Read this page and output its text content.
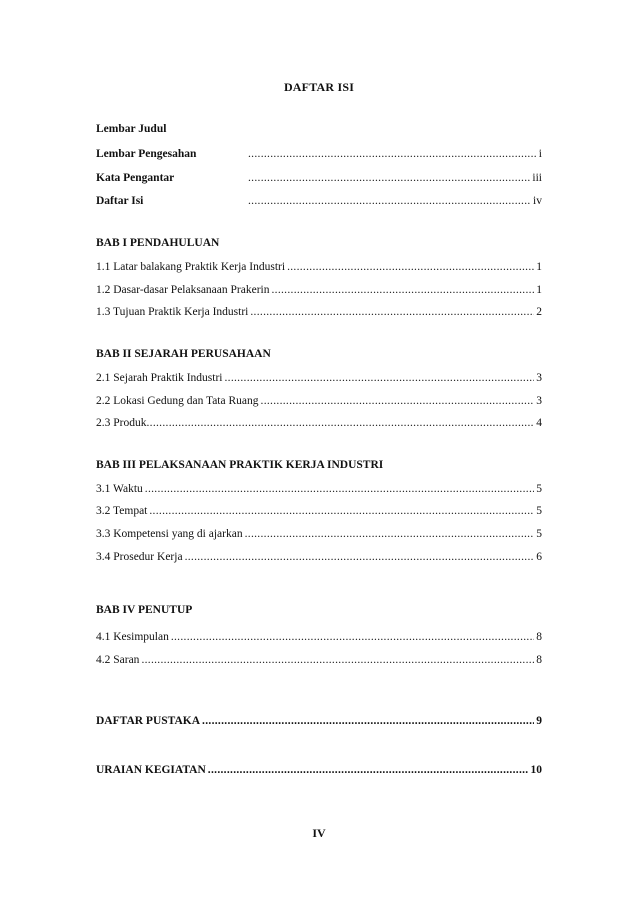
DAFTAR ISI
Lembar Judul
Lembar Pengesahan .....	i
Kata Pengantar .....	iii
Daftar Isi .....	iv
BAB I PENDAHULUAN
1.1 Latar balakang Praktik Kerja Industri .....	1
1.2 Dasar-dasar Pelaksanaan Prakerin .....	1
1.3 Tujuan Praktik Kerja Industri .....	2
BAB II SEJARAH PERUSAHAAN
2.1 Sejarah Praktik Industri .....	3
2.2 Lokasi Gedung dan Tata Ruang .....	3
2.3 Produk .....	4
BAB III PELAKSANAAN PRAKTIK KERJA INDUSTRI
3.1 Waktu .....	5
3.2 Tempat .....	5
3.3 Kompetensi yang di ajarkan .....	5
3.4 Prosedur Kerja .....	6
BAB IV PENUTUP
4.1 Kesimpulan .....	8
4.2 Saran .....	8
DAFTAR PUSTAKA .....	9
URAIAN KEGIATAN .....	10
IV
